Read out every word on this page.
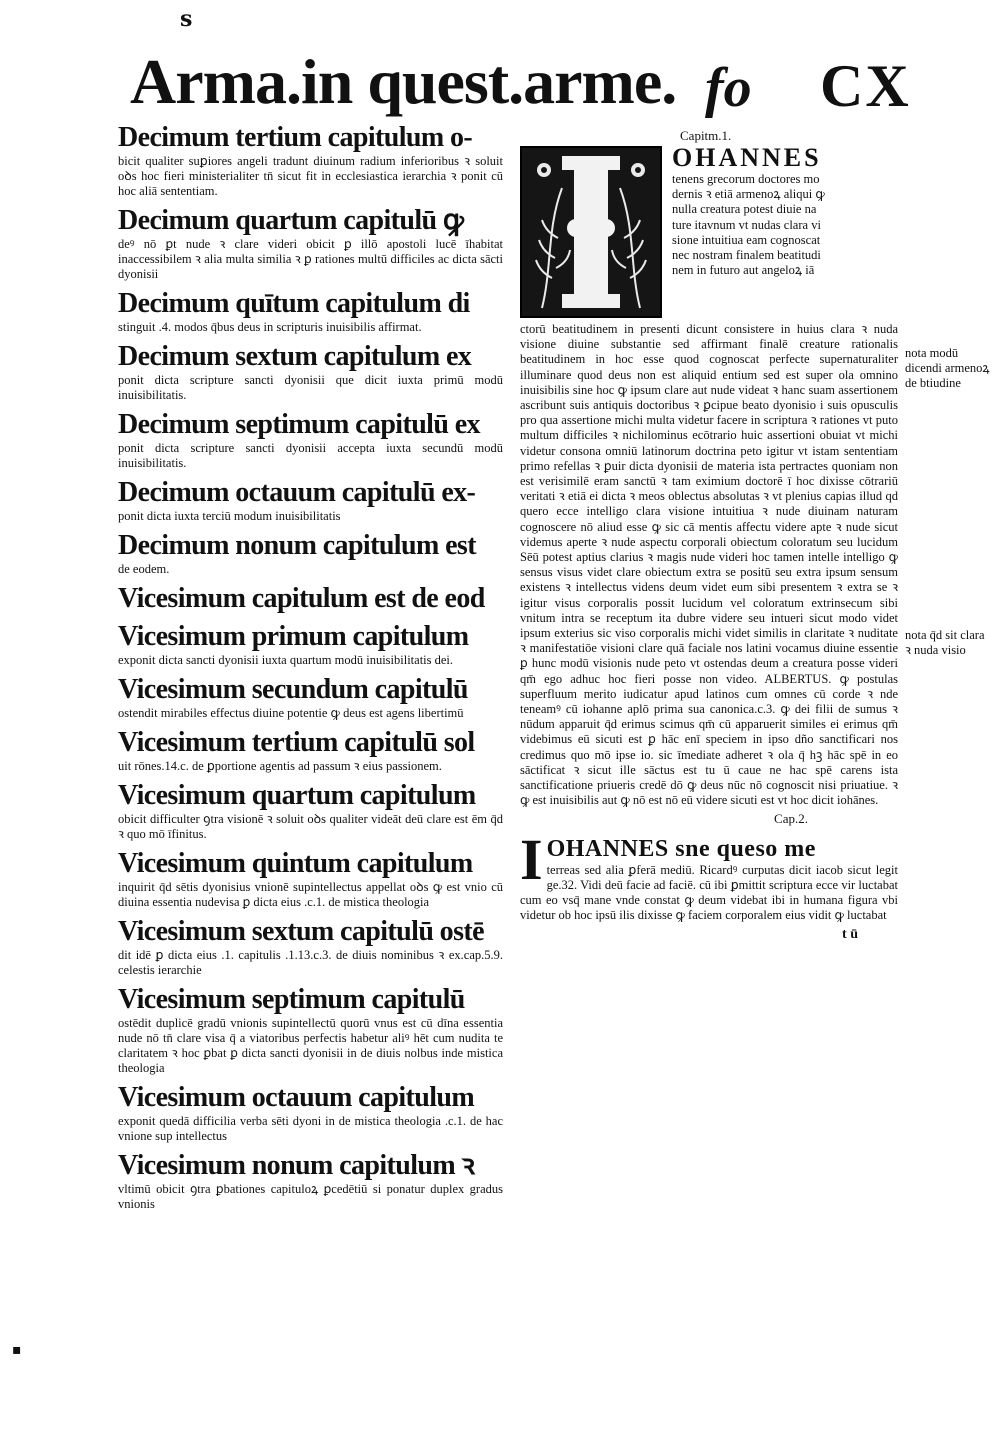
s
Arma.in quest.arme. fo CX
Decimum tertium capitulum o-
bicit qualiter suꝑiores angeli tradunt diuinum radium inferioribus ꝛ soluit oꝺs hoc fieri ministerialiter tn̄ sicut fit in ecclesiastica ierarchia ꝛ ponit cū hoc aliā sententiam.
Decimum quartum capitulū ꝙ
deꝰ nō ꝑt nude ꝛ clare videri obicit ꝑ illō apostoli lucē īhabitat inaccessibilem ꝛ alia multa similia ꝛ ꝑ rationes multū difficiles ac dicta sācti dyonisii
Decimum quītum capitulum di
stinguit .4. modos q̄bus deus in scripturis inuisibilis affirmat.
Decimum sextum capitulum ex
ponit dicta scripture sancti dyonisii que dicit iuxta primū modū inuisibilitatis.
Decimum septimum capitulū ex
ponit dicta scripture sancti dyonisii accepta iuxta secundū modū inuisibilitatis.
Decimum octauum capitulū ex-
ponit dicta iuxta terciū modum inuisibilitatis
Decimum nonum capitulum est
de eodem.
Vicesimum capitulum est de eod
Vicesimum primum capitulum
exponit dicta sancti dyonisii iuxta quartum modū inuisibilitatis dei.
Vicesimum secundum capitulū
ostendit mirabiles effectus diuine potentie ꝙ deus est agens libertimū
Vicesimum tertium capitulū sol
uit rōnes.14.c. de ꝑportione agentis ad passum ꝛ eius passionem.
Vicesimum quartum capitulum
obicit difficulter ꝯtra visionē ꝛ soluit oꝺs qualiter videāt deū clare est ēm q̄d ꝛ quo mō īfinitus.
Vicesimum quintum capitulum
inquirit q̄d sētis dyonisius vnionē supintellectus appellat oꝺs ꝙ est vnio cū diuina essentia nudevisa ꝑ dicta eius .c.1. de mistica theologia
Vicesimum sextum capitulū ostē
dit idē ꝑ dicta eius .1. capitulis .1.13.c.3. de diuis nominibus ꝛ ex.cap.5.9. celestis ierarchie
Vicesimum septimum capitulū
ostēdit duplicē gradū vnionis supintellectū quorū vnus est cū dīna essentia nude nō tn̄ clare visa q̄ a viatoribus perfectis habetur aliꝰ hēt cum nudita te claritatem ꝛ hoc ꝑbat ꝑ dicta sancti dyonisii in de diuis nolbus inde mistica theologia
Vicesimum octauum capitulum
exponit quedā difficilia verba sēti dyoni in de mistica theologia .c.1. de hac vnione sup intellectus
Vicesimum nonum capitulum ꝛ
vltimū obicit ꝯtra ꝑbationes capituloꝝ ꝑcedētiū si ponatur duplex gradus vnionis
Capitm.1.
I
OHANNES
tenens grecorum doctores mo
dernis ꝛ etiā armenoꝝ aliqui ꝙ
nulla creatura potest diuie na
ture itavnum vt nudas clara vi
sione intuitiua eam cognoscat
nec nostram finalem beatitudi
nem in futuro aut angeloꝝ iā
ctorū beatitudinem in presenti dicunt consistere in huius clara ꝛ nuda visione diuine substantie sed affirmant finalē creature rationalis beatitudinem in hoc esse quod cognoscat perfecte supernaturaliter illuminare quod deus non est aliquid entium sed est super ola omnino inuisibilis sine hoc ꝙ ipsum clare aut nude videat ꝛ hanc suam assertionem ascribunt suis antiquis doctoribus ꝛ ꝑcipue beato dyonisio i suis opusculis pro qua assertione michi multa videtur facere in scriptura ꝛ rationes vt puto multum difficiles ꝛ nichilominus ecōtrario huic assertioni obuiat vt michi videtur consona omniū latinorum doctrina peto igitur vt istam sententiam primo refellas ꝛ ꝑuir dicta dyonisii de materia ista pertractes quoniam non est verisimilē eram sanctū ꝛ tam eximium doctorē ī hoc dixisse cōtrariū veritati ꝛ etiā ei dicta ꝛ meos oblectus absolutas ꝛ vt plenius capias illud qd quero ecce intelligo clara visione intuitiua ꝛ nude diuinam naturam cognoscere nō aliud esse ꝙ sic cā mentis affectu videre apte ꝛ nude sicut videmus aperte ꝛ nude aspectu corporali obiectum coloratum seu lucidum Sēū potest aptius clarius ꝛ magis nude videri hoc tamen intelle intelligo ꝙ sensus visus videt clare obiectum extra se positū seu extra ipsum sensum existens ꝛ intellectus videns deum videt eum sibi presentem ꝛ extra se ꝛ igitur visus corporalis possit lucidum vel coloratum extrinsecum sibi vnitum intra se receptum ita dubre videre seu intueri sicut modo videt ipsum exterius sic viso corporalis michi videt similis in claritate ꝛ nuditate ꝛ manifestatiōe visioni clare quā faciale nos latini vocamus diuine essentie ꝑ hunc modū visionis nude peto vt ostendas deum a creatura posse videri qm̄ ego adhuc hoc fieri posse non video. ALBERTUS. ꝙ postulas superfluum merito iudicatur apud latinos cum omnes cū corde ꝛ nde teneamꝰ cū iohanne aplō prima sua canonica.c.3. ꝙ dei filii de sumus ꝛ nūdum apparuit q̄d erimus scimus qm̄ cū apparuerit similes ei erimus qm̄ videbimus eū sicuti est ꝑ hāc enī speciem in ipso dño sanctificari nos credimus quo mō ipse io. sic īmediate adheret ꝛ ola q̄ hꝫ hāc spē in eo sāctificat ꝛ sicut ille sāctus est tu ū caue ne hac spē carens ista sanctificatione priueris credē dō ꝙ deus nūc nō cognoscit nisi priuatiue. ꝛ ꝙ est inuisibilis aut ꝙ nō est nō eū videre sicuti est vt hoc dicit iohānes.
Cap.2.
I OHANNES sne queso me
terreas sed alia ꝑferā mediū. Ricardꝰ curputas dicit iacob sicut legit ge.32. Vidi deū facie ad faciē. cū ibi ꝑmittit scriptura ecce vir luctabat cum eo vsq̄ mane vnde constat ꝙ deum videbat ibi in humana figura vbi videtur ob hoc ipsū ilis dixisse ꝙ faciem corporalem eius vidit ꝙ luctabat
t ū
nota modū dicendi armenoꝝ de btiudine
nota q̄d sit clara ꝛ nuda visio
▪
